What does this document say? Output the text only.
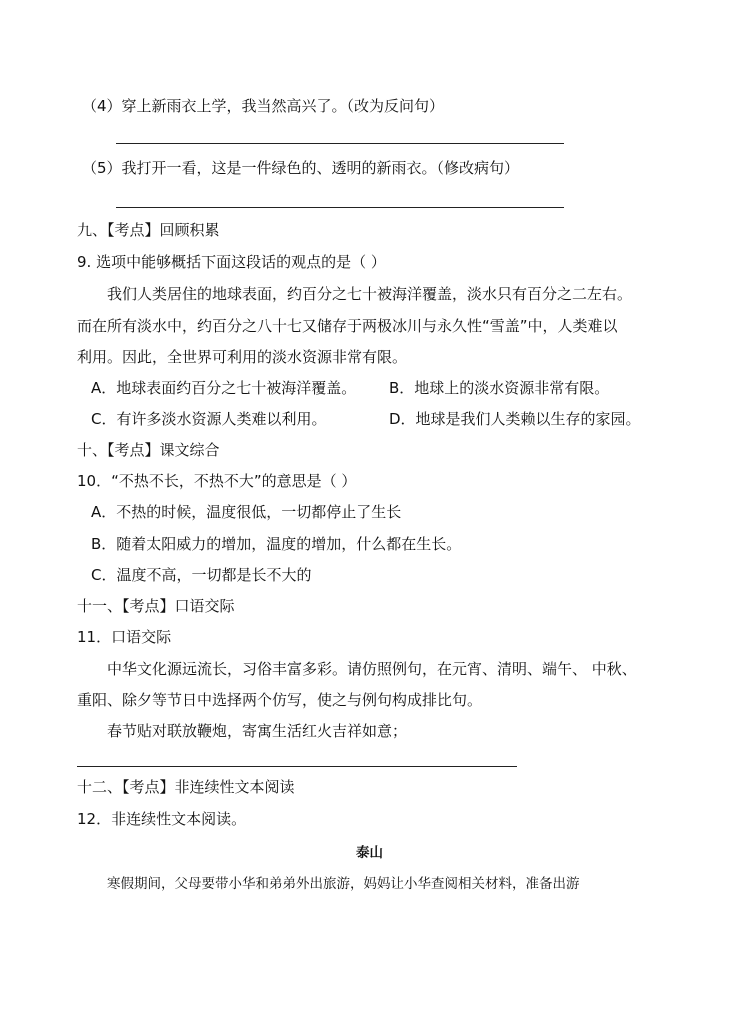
（4）穿上新雨衣上学，我当然高兴了。（改为反问句）
（5）我打开一看，这是一件绿色的、透明的新雨衣。（修改病句）
九、【考点】回顾积累
9. 选项中能够概括下面这段话的观点的是（ ）
我们人类居住的地球表面，约百分之七十被海洋覆盖，淡水只有百分之二左右。
而在所有淡水中，约百分之八十七又储存于两极冰川与永久性“雪盖”中，人类难以
利用。因此，全世界可利用的淡水资源非常有限。
A．地球表面约百分之七十被海洋覆盖。 B．地球上的淡水资源非常有限。
C．有许多淡水资源人类难以利用。	D．地球是我们人类赖以生存的家园。
十、【考点】课文综合
10．“不热不长，不热不大”的意思是（ ）
A．不热的时候，温度很低，一切都停止了生长
B．随着太阳威力的增加，温度的增加，什么都在生长。
C．温度不高，一切都是长不大的
十一、【考点】口语交际
11．口语交际
中华文化源远流长，习俗丰富多彩。请仿照例句，在元宵、清明、端午、 中秋、
重阳、除夕等节日中选择两个仿写，使之与例句构成排比句。
春节贴对联放鞭炮，寄寓生活红火吉祥如意；
十二、【考点】非连续性文本阅读
12．非连续性文本阅读。
泰山
寒假期间，父母要带小华和弟弟外出旅游，妈妈让小华查阅相关材料，准备出游
